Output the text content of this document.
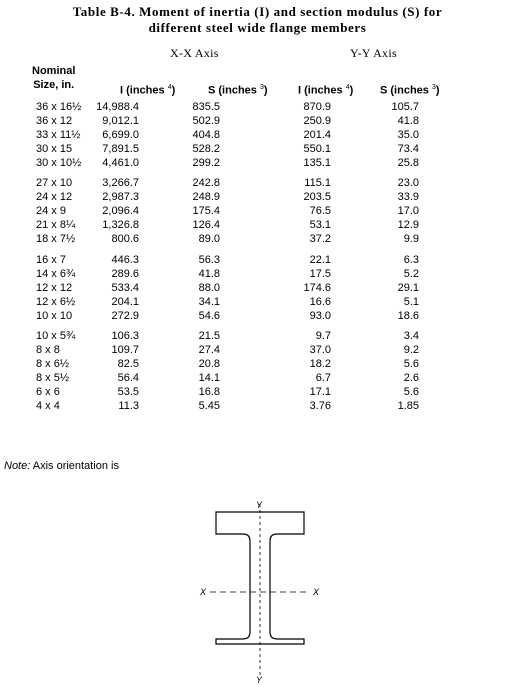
Table B-4. Moment of inertia (I) and section modulus (S) for
different steel wide flange members
X-X Axis	Y-Y Axis
Nominal
Size, in.	I (inches $^4$)	S (inches $^3$)	I (inches $^4$) S (inches $^3$)
36 x 16½ 14,988.4	835.5	870.9	105.7
36 x 12	9,012.1	502.9	250.9	41.8
33 x 11½ 6,699.0	404.8	201.4	35.0
30 x 15	7,891.5	528.2	550.1	73.4
30 x 10½ 4,461.0	299.2	135.1	25.8
27 x 10	3,266.7	242.8	115.1	23.0
24 x 12	2,987.3	248.9	203.5	33.9
24 x 9	2,096.4	175.4	76.5	17.0
21 x 8¼ 1,326.8	126.4	53.1	12.9
18 x 7½	800.6	89.0	37.2	9.9
16 x 7	446.3	56.3	22.1	6.3
14 x 6¾	289.6	41.8	17.5	5.2
12 x 12	533.4	88.0	174.6	29.1
12 x 6½	204.1	34.1	16.6	5.1
10 x 10	272.9	54.6	93.0	18.6
10 x 5¾	106.3	21.5	9.7	3.4
8 x 8	109.7	27.4	37.0	9.2
8 x 6½	82.5	20.8	18.2	5.6
8 x 5½	56.4	14.1	6.7	2.6
6 x 6	53.5	16.8	17.1	5.6
4 x 4	11.3	5.45	3.76	1.85
Note: Axis orientation is
Y
Y
X	X
